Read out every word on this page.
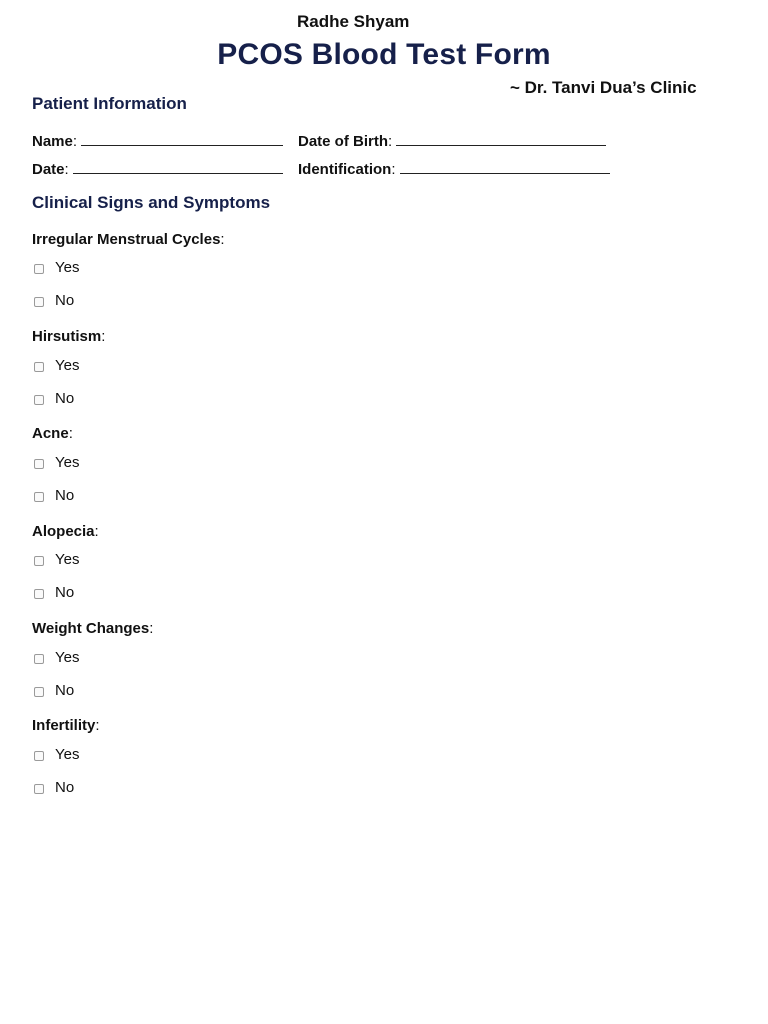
Radhe Shyam
PCOS Blood Test Form
~ Dr. Tanvi Dua’s Clinic
Patient Information
Name:	Date of Birth:
Date:	Identification:
Clinical Signs and Symptoms
Irregular Menstrual Cycles:
Yes
No
Hirsutism:
Yes
No
Acne:
Yes
No
Alopecia:
Yes
No
Weight Changes:
Yes
No
Infertility:
Yes
No
